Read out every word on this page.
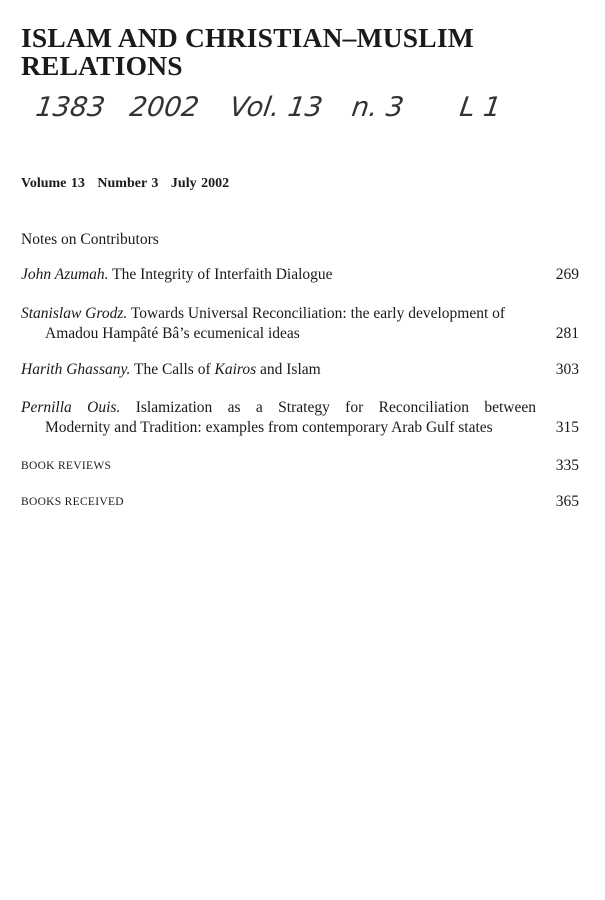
ISLAM AND CHRISTIAN–MUSLIM
RELATIONS
1383 2002 Vol. 13 n. 3 L 1

Volume 13 Number 3 July 2002

Notes on Contributors

John Azumah. The Integrity of Interfaith Dialogue	269
Stanislaw Grodz. Towards Universal Reconciliation: the early development of
Amadou Hampâté Bâ’s ecumenical ideas	281
Harith Ghassany. The Calls of Kairos and Islam	303
Pernilla Ouis. Islamization as a Strategy for Reconciliation between
Modernity and Tradition: examples from contemporary Arab Gulf states	315
BOOK REVIEWS	335
BOOKS RECEIVED	365
